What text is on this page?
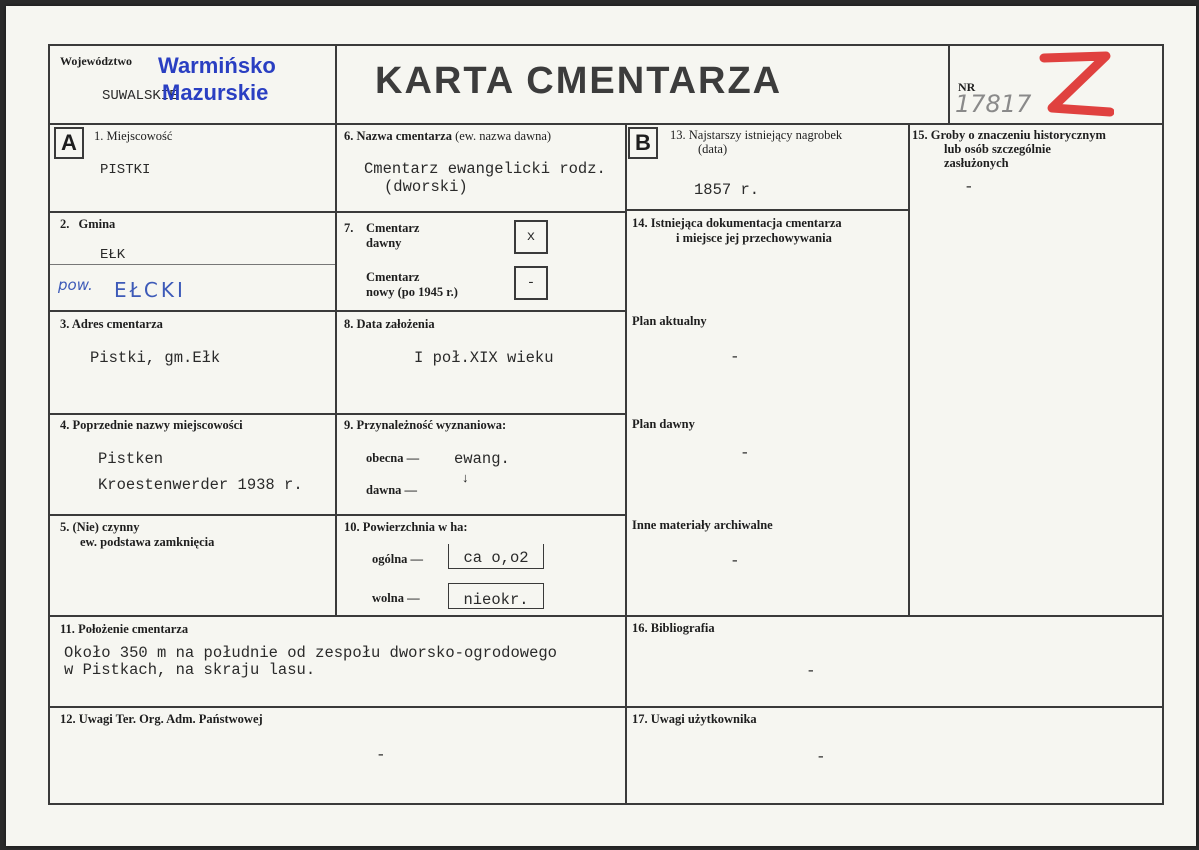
Województwo
SUWALSKIE
Warmińsko
Mazurskie	KARTA CMENTARZA	NR
17817
A	1. Miejscowość
PISTKI
2. Gmina
EŁK
pow. EŁCKI
3. Adres cmentarza
Pistki, gm.Ełk
4. Poprzednie nazwy miejscowości
Pistken
Kroestenwerder 1938 r.
5. (Nie) czynny
ew. podstawa zamknięcia
6. Nazwa cmentarza (ew. nazwa dawna)
Cmentarz ewangelicki rodz.
(dworski)
7. Cmentarz
dawny	x
Cmentarz
nowy (po 1945 r.)
-
8. Data założenia
I poł.XIX wieku
9. Przynależność wyznaniowa:
obecna — ewang.
↓
dawna —
10. Powierzchnia w ha:
ogólna —	ca o,o2
wolna —	nieokr.
11. Położenie cmentarza
Około 350 m na południe od zespołu dworsko-ogrodowego
w Pistkach, na skraju lasu.
12. Uwagi Ter. Org. Adm. Państwowej
-
B	13. Najstarszy istniejący nagrobek
(data)
1857 r.
14. Istniejąca dokumentacja cmentarza
i miejsce jej przechowywania
Plan aktualny
-
Plan dawny
-
Inne materiały archiwalne
-
15. Groby o znaczeniu historycznym
lub osób szczególnie
zasłużonych
-
16. Bibliografia
-
17. Uwagi użytkownika
-
